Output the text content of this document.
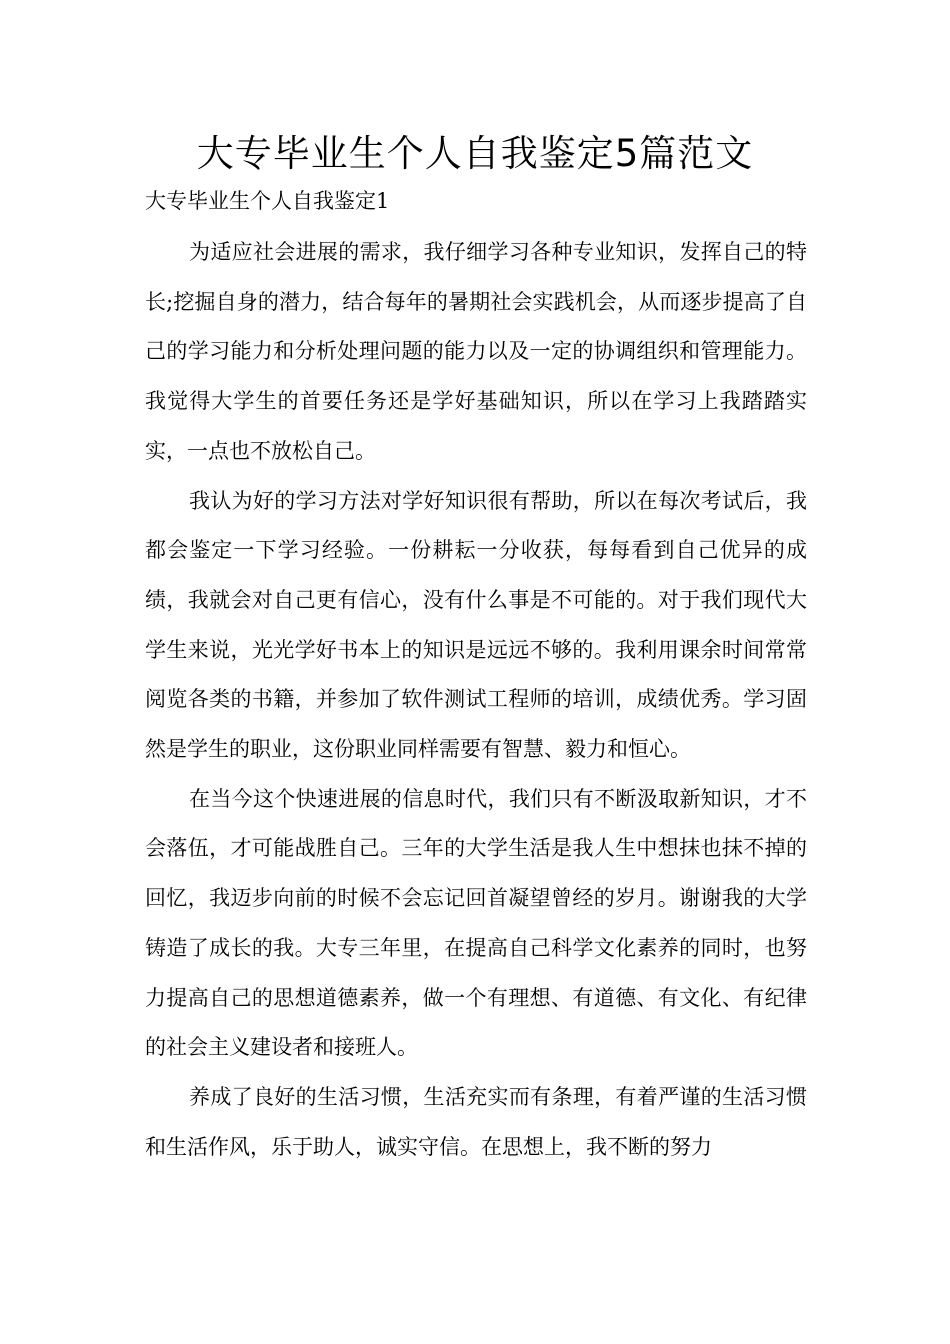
大专毕业生个人自我鉴定5篇范文
大专毕业生个人自我鉴定1

为适应社会进展的需求，我仔细学习各种专业知识，发挥自己的特长;挖掘自身的潜力，结合每年的暑期社会实践机会，从而逐步提高了自己的学习能力和分析处理问题的能力以及一定的协调组织和管理能力。我觉得大学生的首要任务还是学好基础知识，所以在学习上我踏踏实实，一点也不放松自己。

我认为好的学习方法对学好知识很有帮助，所以在每次考试后，我都会鉴定一下学习经验。一份耕耘一分收获，每每看到自己优异的成绩，我就会对自己更有信心，没有什么事是不可能的。对于我们现代大学生来说，光光学好书本上的知识是远远不够的。我利用课余时间常常阅览各类的书籍，并参加了软件测试工程师的培训，成绩优秀。学习固然是学生的职业，这份职业同样需要有智慧、毅力和恒心。

在当今这个快速进展的信息时代，我们只有不断汲取新知识，才不会落伍，才可能战胜自己。三年的大学生活是我人生中想抹也抹不掉的回忆，我迈步向前的时候不会忘记回首凝望曾经的岁月。谢谢我的大学铸造了成长的我。大专三年里，在提高自己科学文化素养的同时，也努力提高自己的思想道德素养，做一个有理想、有道德、有文化、有纪律的社会主义建设者和接班人。

养成了良好的生活习惯，生活充实而有条理，有着严谨的生活习惯和生活作风，乐于助人，诚实守信。在思想上，我不断的努力
